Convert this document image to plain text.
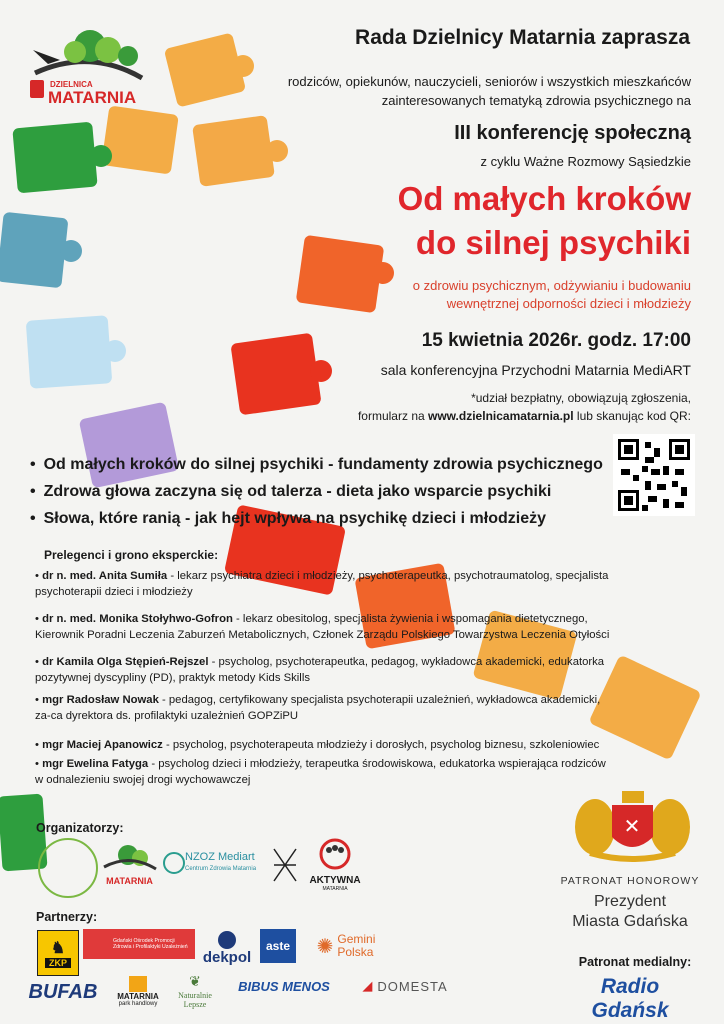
DZIELNICA
MATARNIA
Rada Dzielnicy Matarnia zaprasza
rodziców, opiekunów, nauczycieli, seniorów i wszystkich mieszkańców
zainteresowanych tematyką zdrowia psychicznego na
III konferencję społeczną
z cyklu Ważne Rozmowy Sąsiedzkie
Od małych kroków
do silnej psychiki
o zdrowiu psychicznym, odżywianiu i budowaniu
wewnętrznej odporności dzieci i młodzieży
15 kwietnia 2026r. godz. 17:00
sala konferencyjna Przychodni Matarnia MediART
*udział bezpłatny, obowiązują zgłoszenia,
formularz na www.dzielnicamatarnia.pl lub skanując kod QR:
• Od małych kroków do silnej psychiki - fundamenty zdrowia psychicznego
• Zdrowa głowa zaczyna się od talerza - dieta jako wsparcie psychiki
• Słowa, które ranią - jak hejt wpływa na psychikę dzieci i młodzieży
Prelegenci i grono eksperckie:
• dr n. med. Anita Sumiła - lekarz psychiatra dzieci i młodzieży, psychoterapeutka, psychotraumatolog, specjalista
psychoterapii dzieci i młodzieży
• dr n. med. Monika Stołyhwo-Gofron - lekarz obesitolog, specjalista żywienia i wspomagania dietetycznego,
Kierownik Poradni Leczenia Zaburzeń Metabolicznych, Członek Zarządu Polskiego Towarzystwa Leczenia Otyłości
• dr Kamila Olga Stępień-Rejszel - psycholog, psychoterapeutka, pedagog, wykładowca akademicki, edukatorka
pozytywnej dyscypliny (PD), praktyk metody Kids Skills
• mgr Radosław Nowak - pedagog, certyfikowany specjalista psychoterapii uzależnień, wykładowca akademicki,
za-ca dyrektora ds. profilaktyki uzależnień GOPZiPU
• mgr Maciej Apanowicz - psycholog, psychoterapeuta młodzieży i dorosłych, psycholog biznesu, szkoleniowiec
• mgr Ewelina Fatyga - psycholog dzieci i młodzieży, terapeutka środowiskowa, edukatorka wspierająca rodziców
w odnalezieniu swojej drogi wychowawczej
Organizatorzy:
MATARNIA
NZOZ Mediart
Centrum Zdrowia Matarnia
AKTYWNA
MATARNIA
Partnerzy:
♞
ZKP
Gdański Ośrodek Promocji Zdrowia i Profilaktyki Uzależnień
dekpol
aste ✺ Gemini
Polska
BUFAB MATARNIA
park handlowy
❦
Naturalnie
Lepsze
BIBUS MENOS ◢ DOMESTA
✕
PATRONAT HONOROWY
Prezydent
Miasta Gdańska
Patronat medialny:
Radio Gdańsk
